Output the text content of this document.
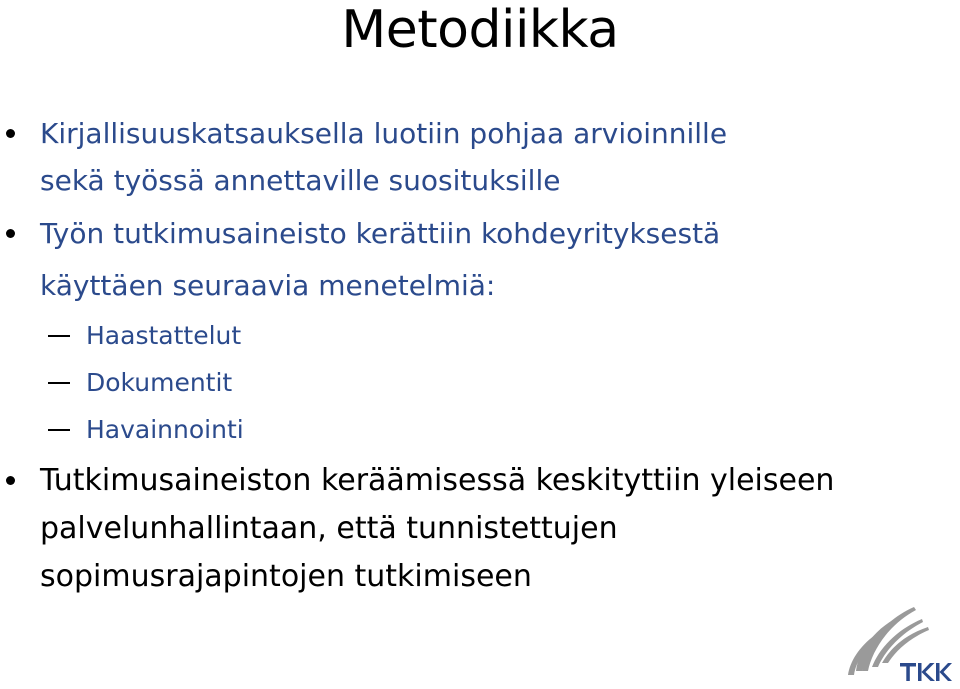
Metodiikka
Kirjallisuuskatsauksella luotiin pohjaa arvioinnille
sekä työssä annettaville suosituksille
Työn tutkimusaineisto kerättiin kohdeyrityksestä
käyttäen seuraavia menetelmiä:
Haastattelut
Dokumentit
Havainnointi
Tutkimusaineiston keräämisessä keskityttiin yleiseen
palvelunhallintaan, että tunnistettujen
sopimusrajapintojen tutkimiseen
